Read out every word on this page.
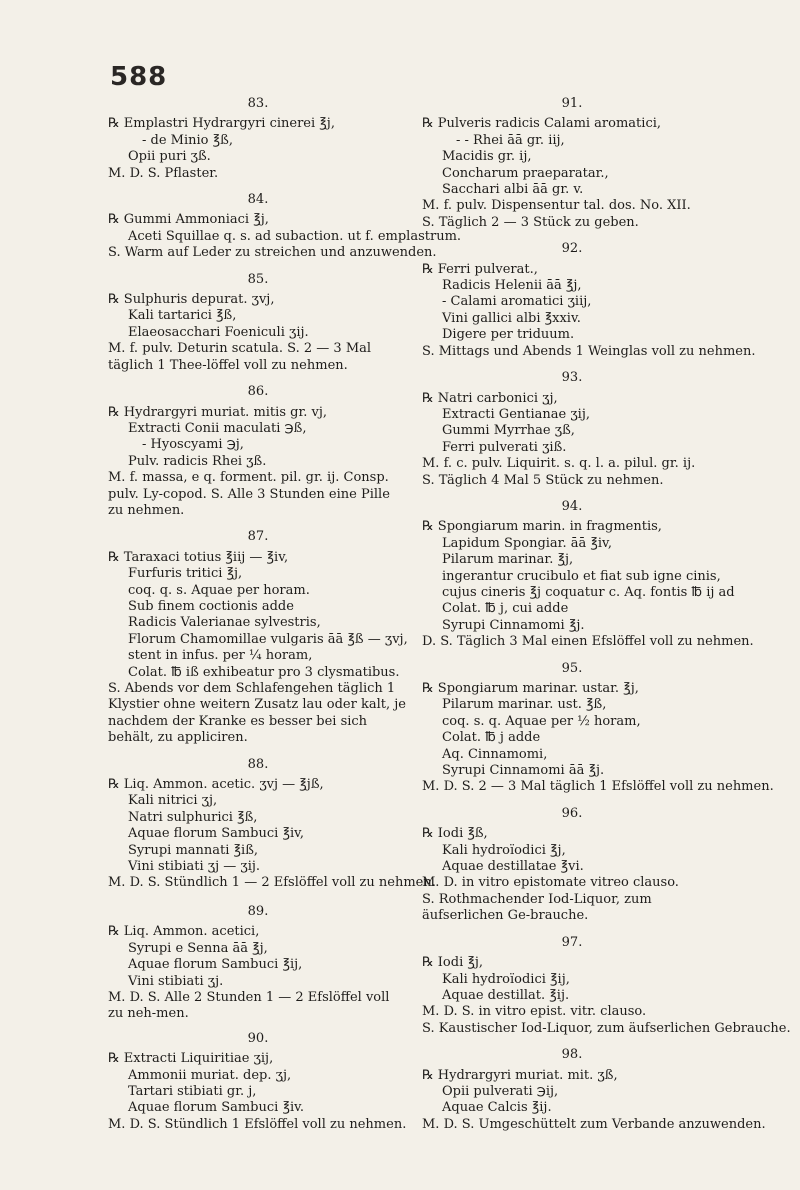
588
83.
℞ Emplastri Hydrargyri cinerei ℥j,
- de Minio ℥ß,
Opii puri ʒß.
M. D. S. Pflaster.
84.
℞ Gummi Ammoniaci ℥j,
Aceti Squillae q. s. ad subaction. ut f. emplastrum.
S. Warm auf Leder zu streichen und anzuwenden.
85.
℞ Sulphuris depurat. ʒvj,
Kali tartarici ℥ß,
Elaeosacchari Foeniculi ʒij.
M. f. pulv. Deturin scatula. S. 2 — 3 Mal täglich 1 Thee-löffel voll zu nehmen.
86.
℞ Hydrargyri muriat. mitis gr. vj,
Extracti Conii maculati ℈ß,
- Hyoscyami ℈j,
Pulv. radicis Rhei ʒß.
M. f. massa, e q. forment. pil. gr. ij. Consp. pulv. Ly-copod. S. Alle 3 Stunden eine Pille zu nehmen.
87.
℞ Taraxaci totius ℥iij — ℥iv,
Furfuris tritici ℥j,
coq. q. s. Aquae per horam.
Sub finem coctionis adde
Radicis Valerianae sylvestris,
Florum Chamomillae vulgaris āā ℥ß — ʒvj,
stent in infus. per ¼ horam,
Colat. ℔ iß exhibeatur pro 3 clysmatibus.
S. Abends vor dem Schlafengehen täglich 1 Klystier ohne weitern Zusatz lau oder kalt, je nachdem der Kranke es besser bei sich behält, zu appliciren.
88.
℞ Liq. Ammon. acetic. ʒvj — ℥jß,
Kali nitrici ʒj,
Natri sulphurici ℥ß,
Aquae florum Sambuci ℥iv,
Syrupi mannati ℥iß,
Vini stibiati ʒj — ʒij.
M. D. S. Stündlich 1 — 2 Efslöffel voll zu nehmen.
89.
℞ Liq. Ammon. acetici,
Syrupi e Senna āā ℥j,
Aquae florum Sambuci ℥ij,
Vini stibiati ʒj.
M. D. S. Alle 2 Stunden 1 — 2 Efslöffel voll zu neh-men.
90.
℞ Extracti Liquiritiae ʒij,
Ammonii muriat. dep. ʒj,
Tartari stibiati gr. j,
Aquae florum Sambuci ℥iv.
M. D. S. Stündlich 1 Efslöffel voll zu nehmen.
91.
℞ Pulveris radicis Calami aromatici,
- - Rhei āā gr. iij,
Macidis gr. ij,
Concharum praeparatar.,
Sacchari albi āā gr. v.
M. f. pulv. Dispensentur tal. dos. No. XII.
S. Täglich 2 — 3 Stück zu geben.
92.
℞ Ferri pulverat.,
Radicis Helenii āā ℥j,
- Calami aromatici ʒiij,
Vini gallici albi ℥xxiv.
Digere per triduum.
S. Mittags und Abends 1 Weinglas voll zu nehmen.
93.
℞ Natri carbonici ʒj,
Extracti Gentianae ʒij,
Gummi Myrrhae ʒß,
Ferri pulverati ʒiß.
M. f. c. pulv. Liquirit. s. q. l. a. pilul. gr. ij.
S. Täglich 4 Mal 5 Stück zu nehmen.
94.
℞ Spongiarum marin. in fragmentis,
Lapidum Spongiar. āā ℥iv,
Pilarum marinar. ℥j,
ingerantur crucibulo et fiat sub igne cinis,
cujus cineris ℥j coquatur c. Aq. fontis ℔ ij ad
Colat. ℔ j, cui adde
Syrupi Cinnamomi ℥j.
D. S. Täglich 3 Mal einen Efslöffel voll zu nehmen.
95.
℞ Spongiarum marinar. ustar. ℥j,
Pilarum marinar. ust. ℥ß,
coq. s. q. Aquae per ½ horam,
Colat. ℔ j adde
Aq. Cinnamomi,
Syrupi Cinnamomi āā ℥j.
M. D. S. 2 — 3 Mal täglich 1 Efslöffel voll zu nehmen.
96.
℞ Iodi ℥ß,
Kali hydroïodici ℥j,
Aquae destillatae ℥vi.
M. D. in vitro epistomate vitreo clauso.
S. Rothmachender Iod-Liquor, zum äufserlichen Ge-brauche.
97.
℞ Iodi ℥j,
Kali hydroïodici ℥ij,
Aquae destillat. ℥ij.
M. D. S. in vitro epist. vitr. clauso.
S. Kaustischer Iod-Liquor, zum äufserlichen Gebrauche.
98.
℞ Hydrargyri muriat. mit. ʒß,
Opii pulverati ℈ij,
Aquae Calcis ℥ij.
M. D. S. Umgeschüttelt zum Verbande anzuwenden.
